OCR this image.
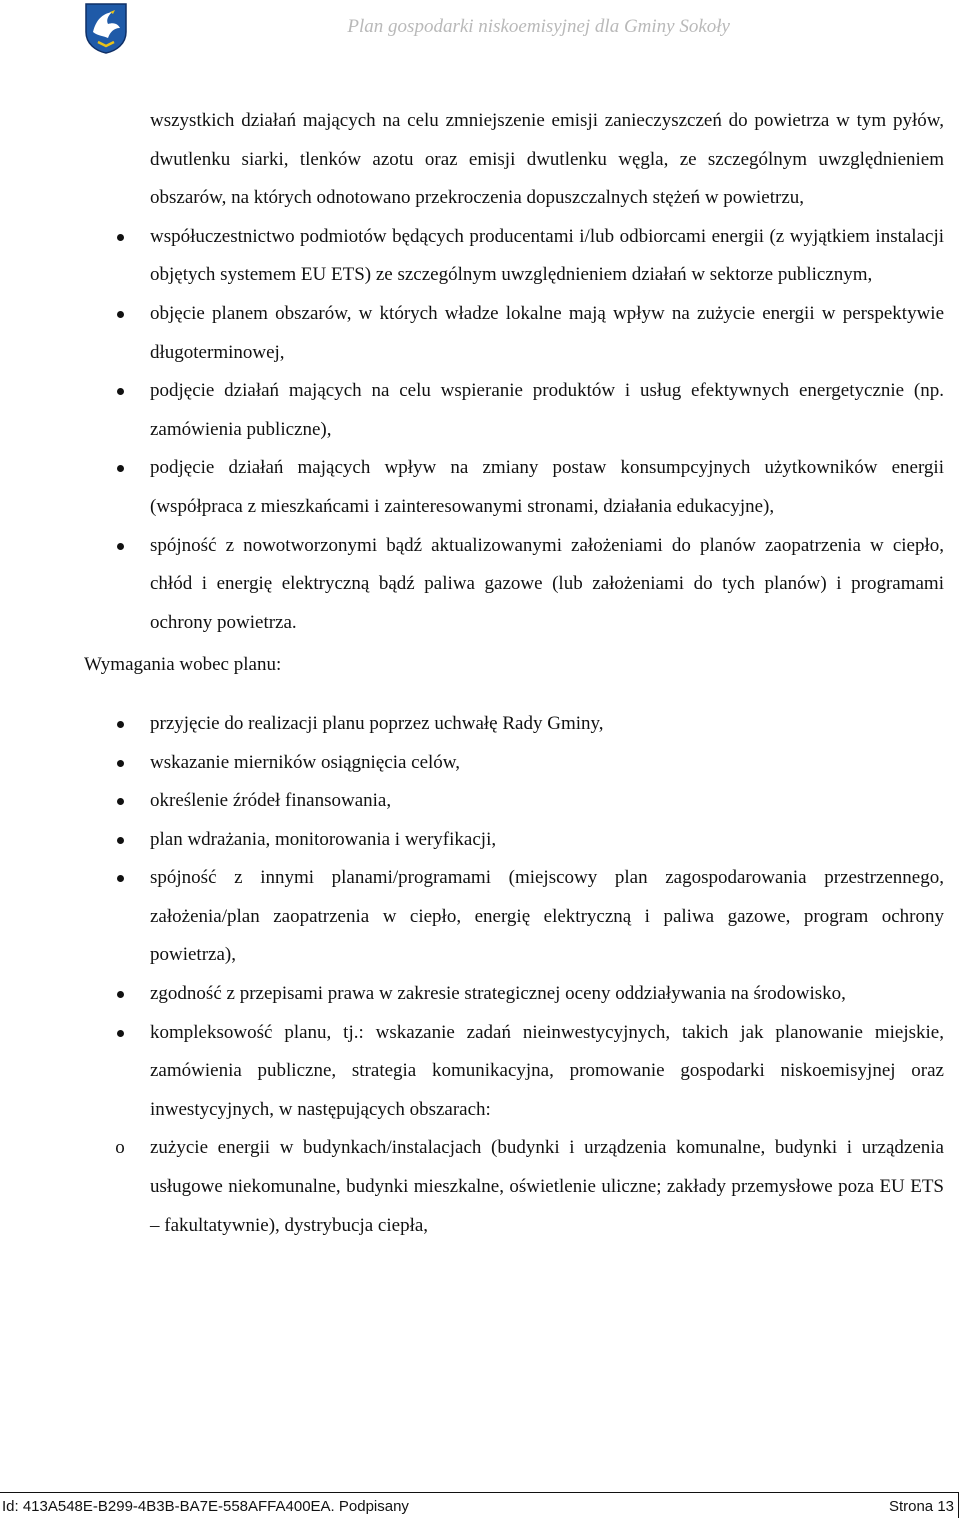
Plan gospodarki niskoemisyjnej dla Gminy Sokoły

wszystkich działań mających na celu zmniejszenie emisji zanieczyszczeń do powietrza w tym pyłów, dwutlenku siarki, tlenków azotu oraz emisji dwutlenku węgla, ze szczególnym uwzględnieniem obszarów, na których odnotowano przekroczenia dopuszczalnych stężeń w powietrzu,

współuczestnictwo podmiotów będących producentami i/lub odbiorcami energii (z wyjątkiem instalacji objętych systemem EU ETS) ze szczególnym uwzględnieniem działań w sektorze publicznym,
objęcie planem obszarów, w których władze lokalne mają wpływ na zużycie energii w perspektywie długoterminowej,
podjęcie działań mających na celu wspieranie produktów i usług efektywnych energetycznie (np. zamówienia publiczne),
podjęcie działań mających wpływ na zmiany postaw konsumpcyjnych użytkowników energii (współpraca z mieszkańcami i zainteresowanymi stronami, działania edukacyjne),
spójność z nowotworzonymi bądź aktualizowanymi założeniami do planów zaopatrzenia w ciepło, chłód i energię elektryczną bądź paliwa gazowe (lub założeniami do tych planów) i programami ochrony powietrza.

Wymagania wobec planu:

przyjęcie do realizacji planu poprzez uchwałę Rady Gminy,
wskazanie mierników osiągnięcia celów,
określenie źródeł finansowania,
plan wdrażania, monitorowania i weryfikacji,
spójność z innymi planami/programami (miejscowy plan zagospodarowania przestrzennego, założenia/plan zaopatrzenia w ciepło, energię elektryczną i paliwa gazowe, program ochrony powietrza),
zgodność z przepisami prawa w zakresie strategicznej oceny oddziaływania na środowisko,
kompleksowość planu, tj.: wskazanie zadań nieinwestycyjnych, takich jak planowanie miejskie, zamówienia publiczne, strategia komunikacyjna, promowanie gospodarki niskoemisyjnej oraz inwestycyjnych, w następujących obszarach:
o zużycie energii w budynkach/instalacjach (budynki i urządzenia komunalne, budynki i urządzenia usługowe niekomunalne, budynki mieszkalne, oświetlenie uliczne; zakłady przemysłowe poza EU ETS – fakultatywnie), dystrybucja ciepła,
Id: 413A548E-B299-4B3B-BA7E-558AFFA400EA. Podpisany	Strona 13
